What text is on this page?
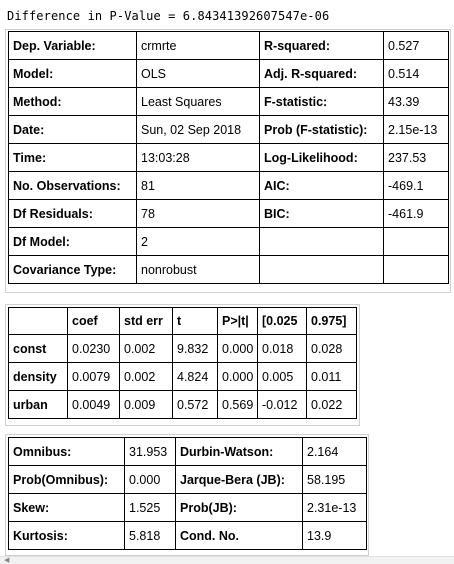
Difference in P-Value = 6.84341392607547e-06
Dep. Variable:	crmrte	R-squared:	0.527
Model:	OLS	Adj. R-squared:	0.514
Method:	Least Squares	F-statistic:	43.39
Date:	Sun, 02 Sep 2018	Prob (F-statistic):	2.15e-13
Time:	13:03:28	Log-Likelihood:	237.53
No. Observations:	81	AIC:	-469.1
Df Residuals:	78	BIC:	-461.9
Df Model:	2		
Covariance Type:	nonrobust		
	coef	std err	t	P>|t|	[0.025	0.975]
const	0.0230	0.002	9.832	0.000	0.018	0.028
density	0.0079	0.002	4.824	0.000	0.005	0.011
urban	0.0049	0.009	0.572	0.569	-0.012	0.022
Omnibus:	31.953	Durbin-Watson:	2.164
Prob(Omnibus):	0.000	Jarque-Bera (JB):	58.195
Skew:	1.525	Prob(JB):	2.31e-13
Kurtosis:	5.818	Cond. No.	13.9
◀
